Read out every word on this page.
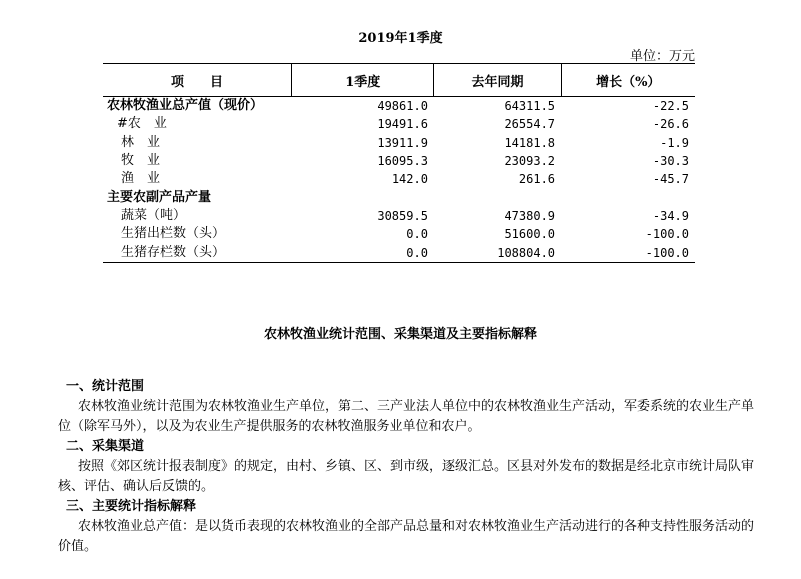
2019年1季度
单位：万元
项　　目	1季度	去年同期	增长（%）
农林牧渔业总产值（现价）	49861.0	64311.5	-22.5
#农　业	19491.6	26554.7	-26.6
林　业	13911.9	14181.8	-1.9
牧　业	16095.3	23093.2	-30.3
渔　业	142.0	261.6	-45.7
主要农副产品产量			
蔬菜（吨）	30859.5	47380.9	-34.9
生猪出栏数（头）	0.0	51600.0	-100.0
生猪存栏数（头）	0.0	108804.0	-100.0
农林牧渔业统计范围、采集渠道及主要指标解释
一、统计范围
农林牧渔业统计范围为农林牧渔业生产单位，第二、三产业法人单位中的农林牧渔业生产活动，军委系统的农业生产单位（除军马外），以及为农业生产提供服务的农林牧渔服务业单位和农户。
二、采集渠道
按照《郊区统计报表制度》的规定，由村、乡镇、区、到市级，逐级汇总。区县对外发布的数据是经北京市统计局队审核、评估、确认后反馈的。
三、主要统计指标解释
农林牧渔业总产值：是以货币表现的农林牧渔业的全部产品总量和对农林牧渔业生产活动进行的各种支持性服务活动的价值。
